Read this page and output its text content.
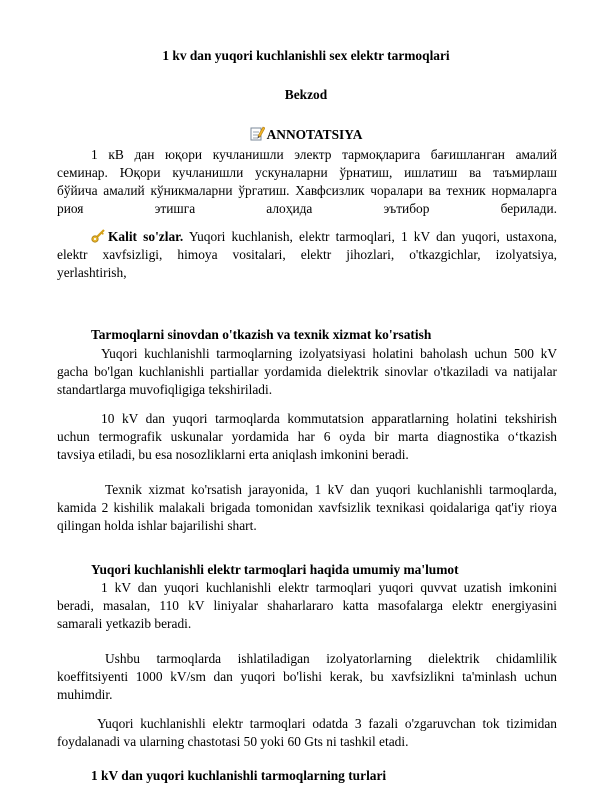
1 kv dan yuqori kuchlanishli sex elektr tarmoqlari
Bekzod
ANNOTATSIYA
1 кВ дан юқори кучланишли электр тармоқларига бағишланган амалий
семинар. Юқори кучланишли ускуналарни ўрнатиш, ишлатиш ва таъмирлаш
бўйича амалий кўникмаларни ўргатиш. Хавфсизлик чоралари ва техник нормаларга
риоя этишга алоҳида эътибор берилади.
Kalit so'zlar. Yuqori kuchlanish, elektr tarmoqlari, 1 kV dan yuqori, ustaxona,
elektr xavfsizligi, himoya vositalari, elektr jihozlari, o'tkazgichlar, izolyatsiya,
yerlashtirish,
Tarmoqlarni sinovdan o'tkazish va texnik xizmat ko'rsatish
Yuqori kuchlanishli tarmoqlarning izolyatsiyasi holatini baholash uchun 500 kV
gacha bo'lgan kuchlanishli partiallar yordamida dielektrik sinovlar o'tkaziladi va natijalar
standartlarga muvofiqligiga tekshiriladi.
10 kV dan yuqori tarmoqlarda kommutatsion apparatlarning holatini tekshirish
uchun termografik uskunalar yordamida har 6 oyda bir marta diagnostika o‘tkazish
tavsiya etiladi, bu esa nosozliklarni erta aniqlash imkonini beradi.
Texnik xizmat ko'rsatish jarayonida, 1 kV dan yuqori kuchlanishli tarmoqlarda,
kamida 2 kishilik malakali brigada tomonidan xavfsizlik texnikasi qoidalariga qat'iy rioya
qilingan holda ishlar bajarilishi shart.
Yuqori kuchlanishli elektr tarmoqlari haqida umumiy ma'lumot
1 kV dan yuqori kuchlanishli elektr tarmoqlari yuqori quvvat uzatish imkonini
beradi, masalan, 110 kV liniyalar shaharlararo katta masofalarga elektr energiyasini
samarali yetkazib beradi.
Ushbu tarmoqlarda ishlatiladigan izolyatorlarning dielektrik chidamlilik
koeffitsiyenti 1000 kV/sm dan yuqori bo'lishi kerak, bu xavfsizlikni ta'minlash uchun
muhimdir.
Yuqori kuchlanishli elektr tarmoqlari odatda 3 fazali o'zgaruvchan tok tizimidan
foydalanadi va ularning chastotasi 50 yoki 60 Gts ni tashkil etadi.
1 kV dan yuqori kuchlanishli tarmoqlarning turlari
